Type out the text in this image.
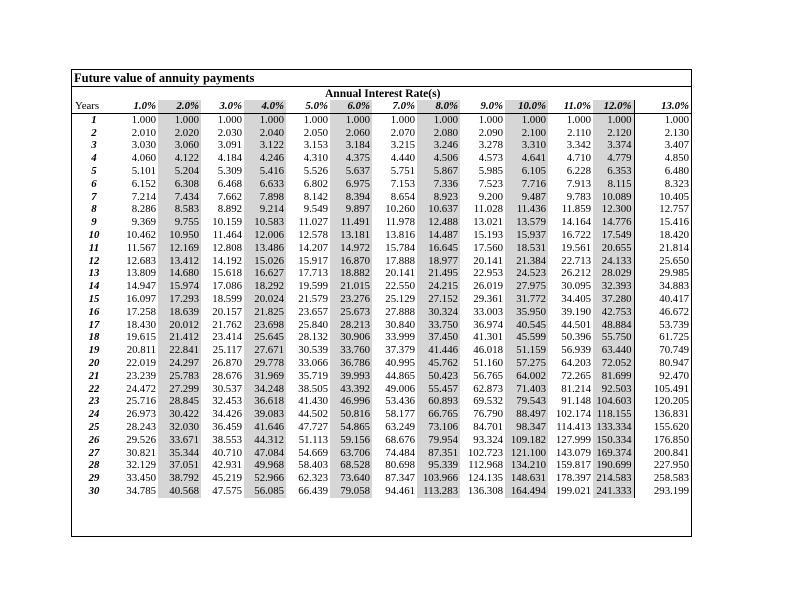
Future value of annuity payments
Annual Interest Rate(s)
Years	1.0%	2.0%	3.0%	4.0%	5.0%	6.0%	7.0%	8.0%	9.0%	10.0%	11.0%	12.0%	13.0%
1	1.000	1.000	1.000	1.000	1.000	1.000	1.000	1.000	1.000	1.000	1.000	1.000	1.000
2	2.010	2.020	2.030	2.040	2.050	2.060	2.070	2.080	2.090	2.100	2.110	2.120	2.130
3	3.030	3.060	3.091	3.122	3.153	3.184	3.215	3.246	3.278	3.310	3.342	3.374	3.407
4	4.060	4.122	4.184	4.246	4.310	4.375	4.440	4.506	4.573	4.641	4.710	4.779	4.850
5	5.101	5.204	5.309	5.416	5.526	5.637	5.751	5.867	5.985	6.105	6.228	6.353	6.480
6	6.152	6.308	6.468	6.633	6.802	6.975	7.153	7.336	7.523	7.716	7.913	8.115	8.323
7	7.214	7.434	7.662	7.898	8.142	8.394	8.654	8.923	9.200	9.487	9.783	10.089	10.405
8	8.286	8.583	8.892	9.214	9.549	9.897	10.260	10.637	11.028	11.436	11.859	12.300	12.757
9	9.369	9.755	10.159	10.583	11.027	11.491	11.978	12.488	13.021	13.579	14.164	14.776	15.416
10	10.462	10.950	11.464	12.006	12.578	13.181	13.816	14.487	15.193	15.937	16.722	17.549	18.420
11	11.567	12.169	12.808	13.486	14.207	14.972	15.784	16.645	17.560	18.531	19.561	20.655	21.814
12	12.683	13.412	14.192	15.026	15.917	16.870	17.888	18.977	20.141	21.384	22.713	24.133	25.650
13	13.809	14.680	15.618	16.627	17.713	18.882	20.141	21.495	22.953	24.523	26.212	28.029	29.985
14	14.947	15.974	17.086	18.292	19.599	21.015	22.550	24.215	26.019	27.975	30.095	32.393	34.883
15	16.097	17.293	18.599	20.024	21.579	23.276	25.129	27.152	29.361	31.772	34.405	37.280	40.417
16	17.258	18.639	20.157	21.825	23.657	25.673	27.888	30.324	33.003	35.950	39.190	42.753	46.672
17	18.430	20.012	21.762	23.698	25.840	28.213	30.840	33.750	36.974	40.545	44.501	48.884	53.739
18	19.615	21.412	23.414	25.645	28.132	30.906	33.999	37.450	41.301	45.599	50.396	55.750	61.725
19	20.811	22.841	25.117	27.671	30.539	33.760	37.379	41.446	46.018	51.159	56.939	63.440	70.749
20	22.019	24.297	26.870	29.778	33.066	36.786	40.995	45.762	51.160	57.275	64.203	72.052	80.947
21	23.239	25.783	28.676	31.969	35.719	39.993	44.865	50.423	56.765	64.002	72.265	81.699	92.470
22	24.472	27.299	30.537	34.248	38.505	43.392	49.006	55.457	62.873	71.403	81.214	92.503	105.491
23	25.716	28.845	32.453	36.618	41.430	46.996	53.436	60.893	69.532	79.543	91.148	104.603	120.205
24	26.973	30.422	34.426	39.083	44.502	50.816	58.177	66.765	76.790	88.497	102.174	118.155	136.831
25	28.243	32.030	36.459	41.646	47.727	54.865	63.249	73.106	84.701	98.347	114.413	133.334	155.620
26	29.526	33.671	38.553	44.312	51.113	59.156	68.676	79.954	93.324	109.182	127.999	150.334	176.850
27	30.821	35.344	40.710	47.084	54.669	63.706	74.484	87.351	102.723	121.100	143.079	169.374	200.841
28	32.129	37.051	42.931	49.968	58.403	68.528	80.698	95.339	112.968	134.210	159.817	190.699	227.950
29	33.450	38.792	45.219	52.966	62.323	73.640	87.347	103.966	124.135	148.631	178.397	214.583	258.583
30	34.785	40.568	47.575	56.085	66.439	79.058	94.461	113.283	136.308	164.494	199.021	241.333	293.199
